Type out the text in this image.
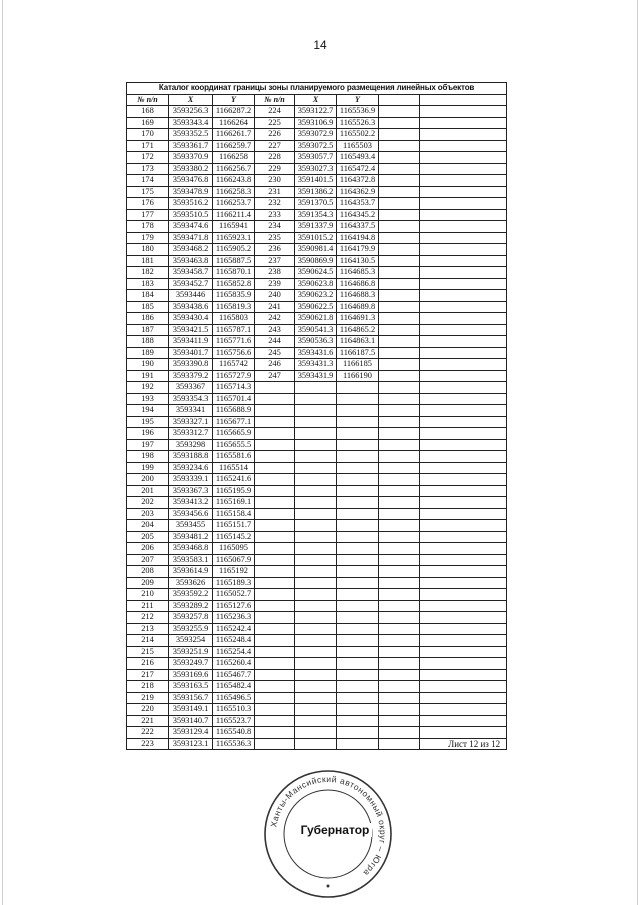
14
Каталог координат границы зоны планируемого размещения линейных объектов							
№ п/п	X	Y	№ п/п	X	Y		
168	3593256.3	1166287.2	224	3593122.7	1165536.9		
169	3593343.4	1166264	225	3593106.9	1165526.3		
170	3593352.5	1166261.7	226	3593072.9	1165502.2		
171	3593361.7	1166259.7	227	3593072.5	1165503		
172	3593370.9	1166258	228	3593057.7	1165493.4		
173	3593380.2	1166256.7	229	3593027.3	1165472.4		
174	3593476.8	1166243.8	230	3591401.5	1164372.8		
175	3593478.9	1166258.3	231	3591386.2	1164362.9		
176	3593516.2	1166253.7	232	3591370.5	1164353.7		
177	3593510.5	1166211.4	233	3591354.3	1164345.2		
178	3593474.6	1165941	234	3591337.9	1164337.5		
179	3593471.8	1165923.1	235	3591015.2	1164194.8		
180	3593468.2	1165905.2	236	3590981.4	1164179.9		
181	3593463.8	1165887.5	237	3590869.9	1164130.5		
182	3593458.7	1165870.1	238	3590624.5	1164685.3		
183	3593452.7	1165852.8	239	3590623.8	1164686.8		
184	3593446	1165835.9	240	3590623.2	1164688.3		
185	3593438.6	1165819.3	241	3590622.5	1164689.8		
186	3593430.4	1165803	242	3590621.8	1164691.3		
187	3593421.5	1165787.1	243	3590541.3	1164865.2		
188	3593411.9	1165771.6	244	3590536.3	1164863.1		
189	3593401.7	1165756.6	245	3593431.6	1166187.5		
190	3593390.8	1165742	246	3593431.3	1166185		
191	3593379.2	1165727.9	247	3593431.9	1166190		
192	3593367	1165714.3					
193	3593354.3	1165701.4					
194	3593341	1165688.9					
195	3593327.1	1165677.1					
196	3593312.7	1165665.9					
197	3593298	1165655.5					
198	3593188.8	1165581.6					
199	3593234.6	1165514					
200	3593339.1	1165241.6					
201	3593367.3	1165195.9					
202	3593413.2	1165169.1					
203	3593456.6	1165158.4					
204	3593455	1165151.7					
205	3593481.2	1165145.2					
206	3593468.8	1165095					
207	3593583.1	1165067.9					
208	3593614.9	1165192					
209	3593626	1165189.3					
210	3593592.2	1165052.7					
211	3593289.2	1165127.6					
212	3593257.8	1165236.3					
213	3593255.9	1165242.4					
214	3593254	1165248.4					
215	3593251.9	1165254.4					
216	3593249.7	1165260.4					
217	3593169.6	1165467.7					
218	3593163.5	1165482.4					
219	3593156.7	1165496.5					
220	3593149.1	1165510.3					
221	3593140.7	1165523.7					
222	3593129.4	1165540.8					
223	3593123.1	1165536.3					Лист 12 из 12
Ханты-Мансийский автономный округ – Югра
Губернатор
